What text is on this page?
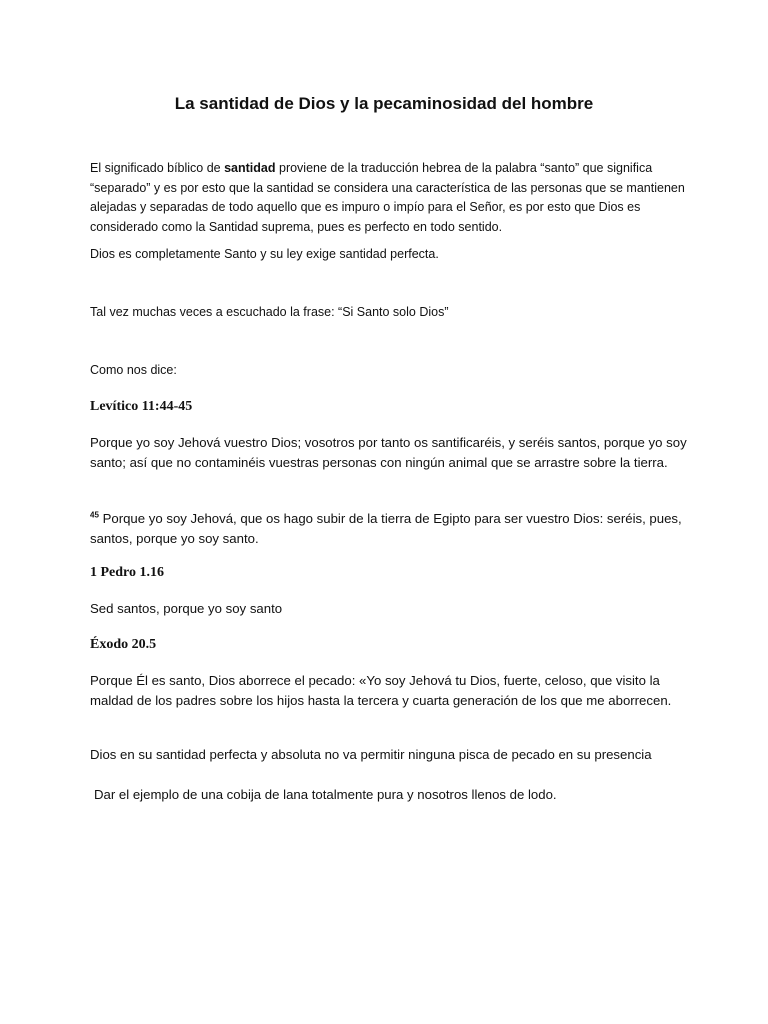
La santidad de Dios y la pecaminosidad del hombre

El significado bíblico de santidad proviene de la traducción hebrea de la palabra “santo” que significa “separado” y es por esto que la santidad se considera una característica de las personas que se mantienen alejadas y separadas de todo aquello que es impuro o impío para el Señor, es por esto que Dios es considerado como la Santidad suprema, pues es perfecto en todo sentido.

Dios es completamente Santo y su ley exige santidad perfecta.

Tal vez muchas veces a escuchado la frase: “Si Santo solo Dios”

Como nos dice:

Levítico 11:44-45

Porque yo soy Jehová vuestro Dios; vosotros por tanto os santificaréis, y seréis santos, porque yo soy santo; así que no contaminéis vuestras personas con ningún animal que se arrastre sobre la tierra.

$^{45}$ Porque yo soy Jehová, que os hago subir de la tierra de Egipto para ser vuestro Dios: seréis, pues, santos, porque yo soy santo.

1 Pedro 1.16

Sed santos, porque yo soy santo

Éxodo 20.5

Porque Él es santo, Dios aborrece el pecado: «Yo soy Jehová tu Dios, fuerte, celoso, que visito la maldad de los padres sobre los hijos hasta la tercera y cuarta generación de los que me aborrecen.

Dios en su santidad perfecta y absoluta no va permitir ninguna pisca de pecado en su presencia

Dar el ejemplo de una cobija de lana totalmente pura y nosotros llenos de lodo.
